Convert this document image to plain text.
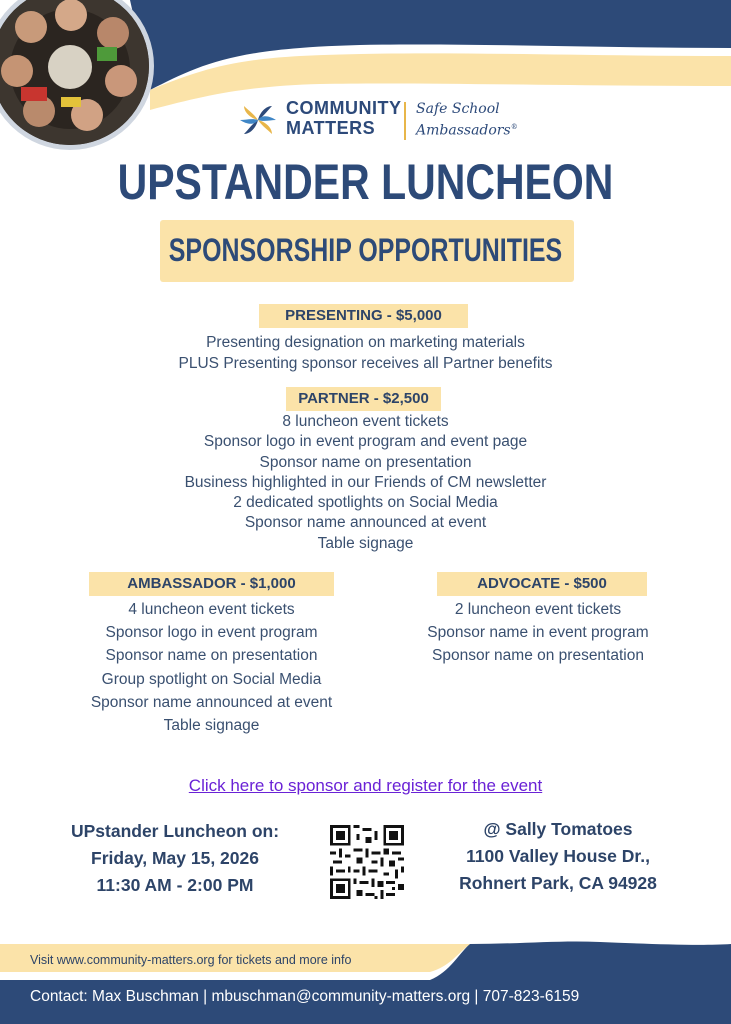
COMMUNITY
MATTERS
Safe School
Ambassadors®
UPSTANDER LUNCHEON
SPONSORSHIP OPPORTUNITIES
PRESENTING - $5,000
Presenting designation on marketing materials
PLUS Presenting sponsor receives all Partner benefits
PARTNER - $2,500
8 luncheon event tickets
Sponsor logo in event program and event page
Sponsor name on presentation
Business highlighted in our Friends of CM newsletter
2 dedicated spotlights on Social Media
Sponsor name announced at event
Table signage
AMBASSADOR - $1,000
4 luncheon event tickets
Sponsor logo in event program
Sponsor name on presentation
Group spotlight on Social Media
Sponsor name announced at event
Table signage
ADVOCATE - $500
2 luncheon event tickets
Sponsor name in event program
Sponsor name on presentation
Click here to sponsor and register for the event
UPstander Luncheon on:
Friday, May 15, 2026
11:30 AM - 2:00 PM
@ Sally Tomatoes
1100 Valley House Dr.,
Rohnert Park, CA 94928
Visit www.community-matters.org for tickets and more info
Contact: Max Buschman | mbuschman@community-matters.org | 707-823-6159
